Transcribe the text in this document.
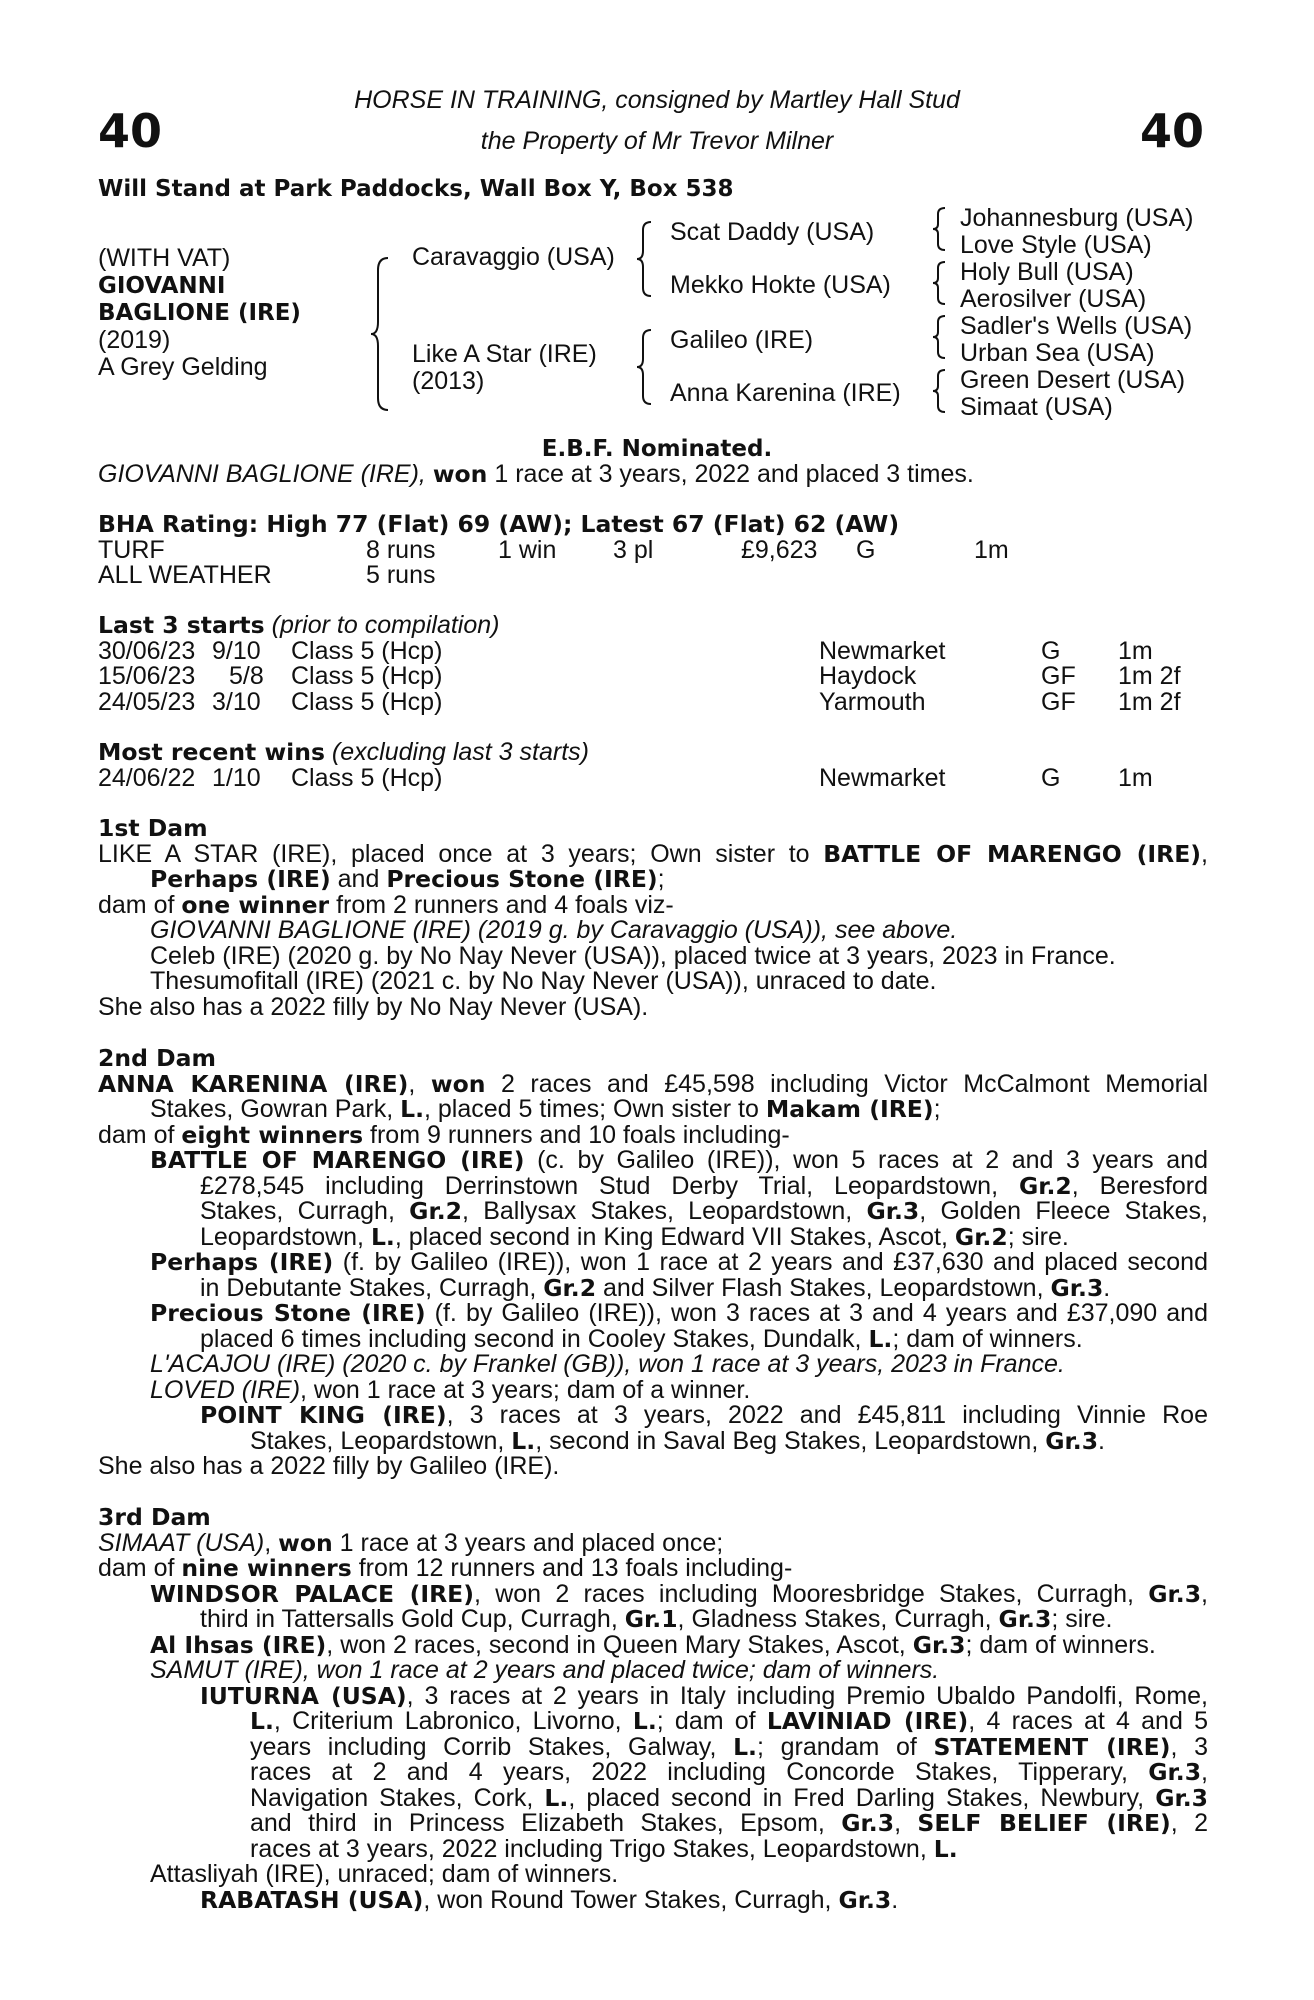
40	40
HORSE IN TRAINING, consigned by Martley Hall Stud
the Property of Mr Trevor Milner
Will Stand at Park Paddocks, Wall Box Y, Box 538
(WITH VAT)
GIOVANNI
BAGLIONE (IRE)
(2019)
A Grey Gelding
Caravaggio (USA)
Like A Star (IRE)
(2013)
Scat Daddy (USA)
Mekko Hokte (USA)
Galileo (IRE)
Anna Karenina (IRE)
Johannesburg (USA)
Love Style (USA)
Holy Bull (USA)
Aerosilver (USA)
Sadler's Wells (USA)
Urban Sea (USA)
Green Desert (USA)
Simaat (USA)
E.B.F. Nominated.
GIOVANNI BAGLIONE (IRE), won 1 race at 3 years, 2022 and placed 3 times.
BHA Rating: High 77 (Flat) 69 (AW); Latest 67 (Flat) 62 (AW)
TURF	8 runs	1 win 3 pl	£9,623 G	1m
ALL WEATHER	5 runs
Last 3 starts (prior to compilation)
30/06/23 9/10 Class 5 (Hcp)	Newmarket	G 1m
15/06/23 5/8 Class 5 (Hcp)	Haydock	GF 1m 2f
24/05/23 3/10 Class 5 (Hcp)	Yarmouth	GF 1m 2f
Most recent wins (excluding last 3 starts)
24/06/22 1/10 Class 5 (Hcp)	Newmarket	G 1m
1st Dam
LIKE A STAR (IRE), placed once at 3 years; Own sister to BATTLE OF MARENGO (IRE),
Perhaps (IRE) and Precious Stone (IRE);
dam of one winner from 2 runners and 4 foals viz-
GIOVANNI BAGLIONE (IRE) (2019 g. by Caravaggio (USA)), see above.
Celeb (IRE) (2020 g. by No Nay Never (USA)), placed twice at 3 years, 2023 in France.
Thesumofitall (IRE) (2021 c. by No Nay Never (USA)), unraced to date.
She also has a 2022 filly by No Nay Never (USA).
2nd Dam
ANNA KARENINA (IRE), won 2 races and £45,598 including Victor McCalmont Memorial
Stakes, Gowran Park, L., placed 5 times; Own sister to Makam (IRE);
dam of eight winners from 9 runners and 10 foals including-
BATTLE OF MARENGO (IRE) (c. by Galileo (IRE)), won 5 races at 2 and 3 years and
£278,545 including Derrinstown Stud Derby Trial, Leopardstown, Gr.2, Beresford
Stakes, Curragh, Gr.2, Ballysax Stakes, Leopardstown, Gr.3, Golden Fleece Stakes,
Leopardstown, L., placed second in King Edward VII Stakes, Ascot, Gr.2; sire.
Perhaps (IRE) (f. by Galileo (IRE)), won 1 race at 2 years and £37,630 and placed second
in Debutante Stakes, Curragh, Gr.2 and Silver Flash Stakes, Leopardstown, Gr.3.
Precious Stone (IRE) (f. by Galileo (IRE)), won 3 races at 3 and 4 years and £37,090 and
placed 6 times including second in Cooley Stakes, Dundalk, L.; dam of winners.
L'ACAJOU (IRE) (2020 c. by Frankel (GB)), won 1 race at 3 years, 2023 in France.
LOVED (IRE), won 1 race at 3 years; dam of a winner.
POINT KING (IRE), 3 races at 3 years, 2022 and £45,811 including Vinnie Roe
Stakes, Leopardstown, L., second in Saval Beg Stakes, Leopardstown, Gr.3.
She also has a 2022 filly by Galileo (IRE).
3rd Dam
SIMAAT (USA), won 1 race at 3 years and placed once;
dam of nine winners from 12 runners and 13 foals including-
WINDSOR PALACE (IRE), won 2 races including Mooresbridge Stakes, Curragh, Gr.3,
third in Tattersalls Gold Cup, Curragh, Gr.1, Gladness Stakes, Curragh, Gr.3; sire.
Al Ihsas (IRE), won 2 races, second in Queen Mary Stakes, Ascot, Gr.3; dam of winners.
SAMUT (IRE), won 1 race at 2 years and placed twice; dam of winners.
IUTURNA (USA), 3 races at 2 years in Italy including Premio Ubaldo Pandolfi, Rome,
L., Criterium Labronico, Livorno, L.; dam of LAVINIAD (IRE), 4 races at 4 and 5
years including Corrib Stakes, Galway, L.; grandam of STATEMENT (IRE), 3
races at 2 and 4 years, 2022 including Concorde Stakes, Tipperary, Gr.3,
Navigation Stakes, Cork, L., placed second in Fred Darling Stakes, Newbury, Gr.3
and third in Princess Elizabeth Stakes, Epsom, Gr.3, SELF BELIEF (IRE), 2
races at 3 years, 2022 including Trigo Stakes, Leopardstown, L.
Attasliyah (IRE), unraced; dam of winners.
RABATASH (USA), won Round Tower Stakes, Curragh, Gr.3.
